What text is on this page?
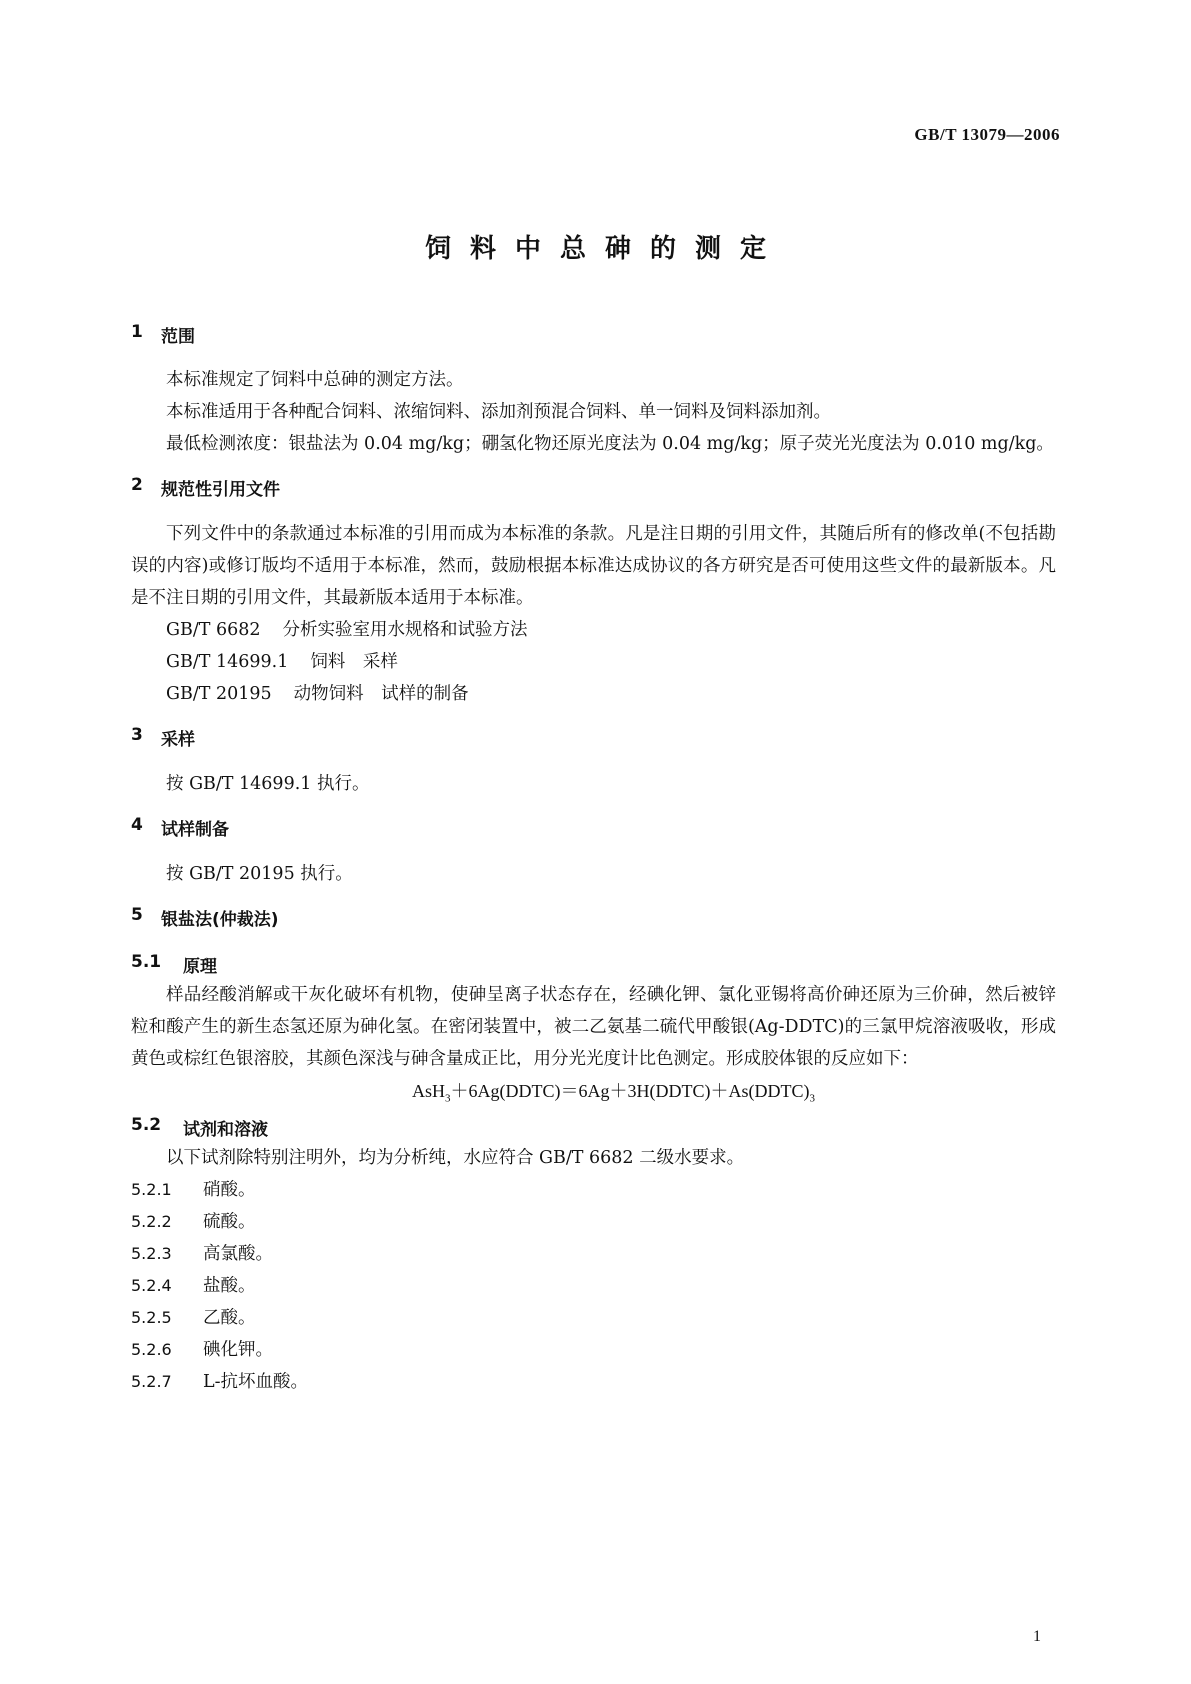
GB/T 13079—2006
饲料中总砷的测定
1	范围

本标准规定了饲料中总砷的测定方法。

本标准适用于各种配合饲料、浓缩饲料、添加剂预混合饲料、单一饲料及饲料添加剂。

最低检测浓度：银盐法为 0.04 mg/kg；硼氢化物还原光度法为 0.04 mg/kg；原子荧光光度法为 0.010 mg/kg。

2	规范性引用文件

下列文件中的条款通过本标准的引用而成为本标准的条款。凡是注日期的引用文件，其随后所有的修改单(不包括勘误的内容)或修订版均不适用于本标准，然而，鼓励根据本标准达成协议的各方研究是否可使用这些文件的最新版本。凡是不注日期的引用文件，其最新版本适用于本标准。

GB/T 6682 分析实验室用水规格和试验方法
GB/T 14699.1 饲料　采样
GB/T 20195 动物饲料　试样的制备
3	采样

按 GB/T 14699.1 执行。

4	试样制备

按 GB/T 20195 执行。

5	银盐法(仲裁法)
5.1	原理

样品经酸消解或干灰化破坏有机物，使砷呈离子状态存在，经碘化钾、氯化亚锡将高价砷还原为三价砷，然后被锌粒和酸产生的新生态氢还原为砷化氢。在密闭装置中，被二乙氨基二硫代甲酸银(Ag-DDTC)的三氯甲烷溶液吸收，形成黄色或棕红色银溶胶，其颜色深浅与砷含量成正比，用分光光度计比色测定。形成胶体银的反应如下：

$AsH_3+6Ag(DDTC)=6Ag+3H(DDTC)+As(DDTC)_3$
5.2	试剂和溶液

以下试剂除特别注明外，均为分析纯，水应符合 GB/T 6682 二级水要求。

5.2.1	硝酸。
5.2.2	硫酸。
5.2.3	高氯酸。
5.2.4	盐酸。
5.2.5	乙酸。
5.2.6	碘化钾。
5.2.7	L-抗坏血酸。
1
